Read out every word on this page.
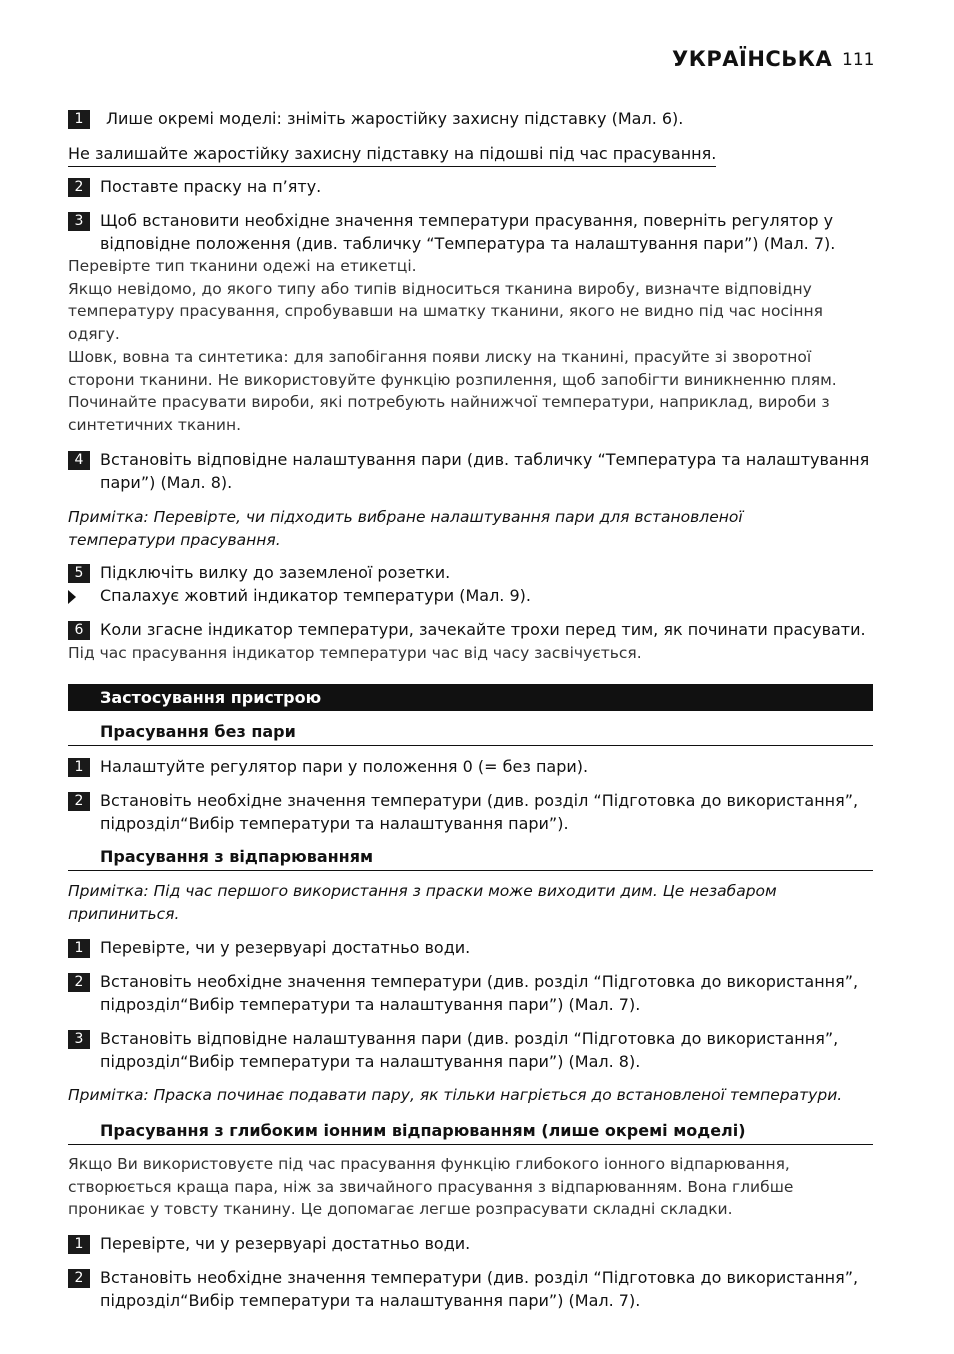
УКРАЇНСЬКА 111
1	Лише окремі моделі: зніміть жаростійку захисну підставку (Мал. 6).
Не залишайте жаростійку захисну підставку на підошві під час прасування.
2	Поставте праску на п’яту.
3	Щоб встановити необхідне значення температури прасування, поверніть регулятор у
відповідне положення (див. табличку “Температура та налаштування пари”) (Мал. 7).
Перевірте тип тканини одежі на етикетці.
Якщо невідомо, до якого типу або типів відноситься тканина виробу, визначте відповідну
температуру прасування, спробувавши на шматку тканини, якого не видно під час носіння
одягу.
Шовк, вовна та синтетика: для запобігання появи лиску на тканині, прасуйте зі зворотної
сторони тканини. Не використовуйте функцію розпилення, щоб запобігти виникненню плям.
Починайте прасувати вироби, які потребують найнижчої температури, наприклад, вироби з
синтетичних тканин.
4	Встановіть відповідне налаштування пари (див. табличку “Температура та налаштування
пари”) (Мал. 8).
Примітка: Перевірте, чи підходить вибране налаштування пари для встановленої
температури прасування.
5	Підключіть вилку до заземленої розетки.
Спалахує жовтий індикатор температури (Мал. 9).
6	Коли згасне індикатор температури, зачекайте трохи перед тим, як починати прасувати.
Під час прасування індикатор температури час від часу засвічується.
Застосування пристрою
Прасування без пари
1	Налаштуйте регулятор пари у положення 0 (= без пари).
2	Встановіть необхідне значення температури (див. розділ “Підготовка до використання”,
підрозділ“Вибір температури та налаштування пари”).
Прасування з відпарюванням
Примітка: Під час першого використання з праски може виходити дим. Це незабаром
припиниться.
1	Перевірте, чи у резервуарі достатньо води.
2	Встановіть необхідне значення температури (див. розділ “Підготовка до використання”,
підрозділ“Вибір температури та налаштування пари”) (Мал. 7).
3	Встановіть відповідне налаштування пари (див. розділ “Підготовка до використання”,
підрозділ“Вибір температури та налаштування пари”) (Мал. 8).
Примітка: Праска починає подавати пару, як тільки нагріється до встановленої температури.
Прасування з глибоким іонним відпарюванням (лише окремі моделі)
Якщо Ви використовуєте під час прасування функцію глибокого іонного відпарювання,
створюється краща пара, ніж за звичайного прасування з відпарюванням. Вона глибше
проникає у товсту тканину. Це допомагає легше розпрасувати складні складки.
1	Перевірте, чи у резервуарі достатньо води.
2	Встановіть необхідне значення температури (див. розділ “Підготовка до використання”,
підрозділ“Вибір температури та налаштування пари”) (Мал. 7).
